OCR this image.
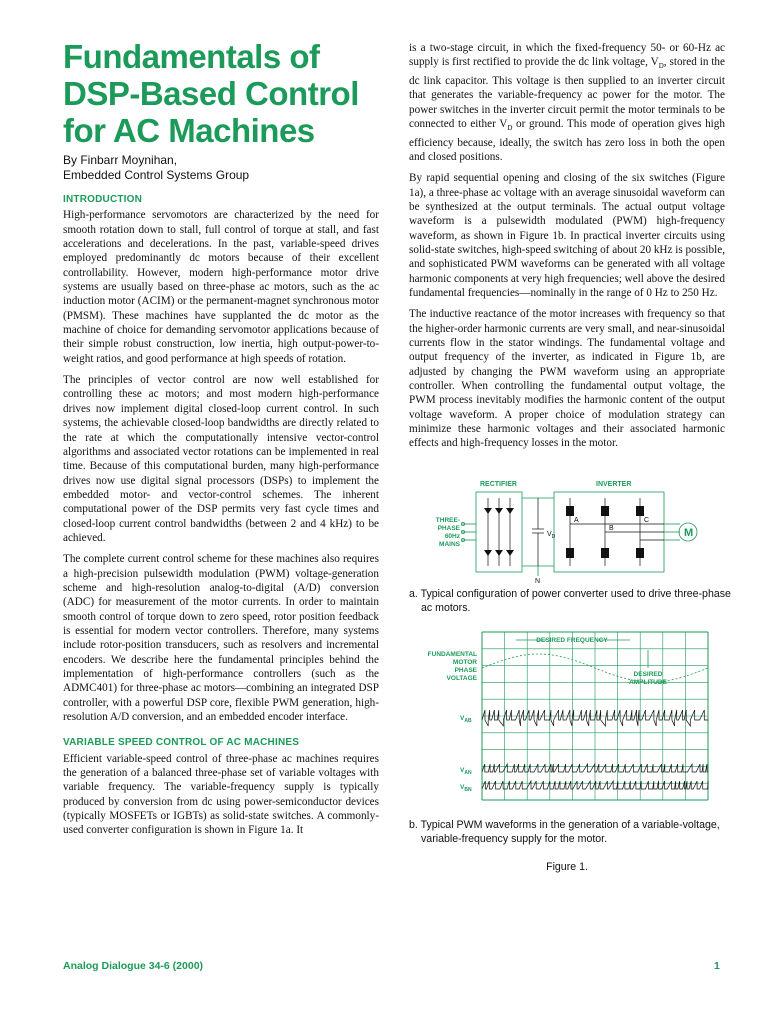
Fundamentals of DSP-Based Control for AC Machines
By Finbarr Moynihan,
Embedded Control Systems Group
INTRODUCTION

High-performance servomotors are characterized by the need for smooth rotation down to stall, full control of torque at stall, and fast accelerations and decelerations. In the past, variable-speed drives employed predominantly dc motors because of their excellent controllability. However, modern high-performance motor drive systems are usually based on three-phase ac motors, such as the ac induction motor (ACIM) or the permanent-magnet synchronous motor (PMSM). These machines have supplanted the dc motor as the machine of choice for demanding servomotor applications because of their simple robust construction, low inertia, high output-power-to-weight ratios, and good performance at high speeds of rotation.

The principles of vector control are now well established for controlling these ac motors; and most modern high-performance drives now implement digital closed-loop current control. In such systems, the achievable closed-loop bandwidths are directly related to the rate at which the computationally intensive vector-control algorithms and associated vector rotations can be implemented in real time. Because of this computational burden, many high-performance drives now use digital signal processors (DSPs) to implement the embedded motor- and vector-control schemes. The inherent computational power of the DSP permits very fast cycle times and closed-loop current control bandwidths (between 2 and 4 kHz) to be achieved.

The complete current control scheme for these machines also requires a high-precision pulsewidth modulation (PWM) voltage-generation scheme and high-resolution analog-to-digital (A/D) conversion (ADC) for measurement of the motor currents. In order to maintain smooth control of torque down to zero speed, rotor position feedback is essential for modern vector controllers. Therefore, many systems include rotor-position transducers, such as resolvers and incremental encoders. We describe here the fundamental principles behind the implementation of high-performance controllers (such as the ADMC401) for three-phase ac motors—combining an integrated DSP controller, with a powerful DSP core, flexible PWM generation, high-resolution A/D conversion, and an embedded encoder interface.

VARIABLE SPEED CONTROL OF AC MACHINES

Efficient variable-speed control of three-phase ac machines requires the generation of a balanced three-phase set of variable voltages with variable frequency. The variable-frequency supply is typically produced by conversion from dc using power-semiconductor devices (typically MOSFETs or IGBTs) as solid-state switches. A commonly-used converter configuration is shown in Figure 1a. It

is a two-stage circuit, in which the fixed-frequency 50- or 60-Hz ac supply is first rectified to provide the dc link voltage, $V_D$, stored in the dc link capacitor. This voltage is then supplied to an inverter circuit that generates the variable-frequency ac power for the motor. The power switches in the inverter circuit permit the motor terminals to be connected to either $V_D$ or ground. This mode of operation gives high efficiency because, ideally, the switch has zero loss in both the open and closed positions.

By rapid sequential opening and closing of the six switches (Figure 1a), a three-phase ac voltage with an average sinusoidal waveform can be synthesized at the output terminals. The actual output voltage waveform is a pulsewidth modulated (PWM) high-frequency waveform, as shown in Figure 1b. In practical inverter circuits using solid-state switches, high-speed switching of about 20 kHz is possible, and sophisticated PWM waveforms can be generated with all voltage harmonic components at very high frequencies; well above the desired fundamental frequencies—nominally in the range of 0 Hz to 250 Hz.

The inductive reactance of the motor increases with frequency so that the higher-order harmonic currents are very small, and near-sinusoidal currents flow in the stator windings. The fundamental voltage and output frequency of the inverter, as indicated in Figure 1b, are adjusted by changing the PWM waveform using an appropriate controller. When controlling the fundamental output voltage, the PWM process inevitably modifies the harmonic content of the output voltage waveform. A proper choice of modulation strategy can minimize these harmonic voltages and their associated harmonic effects and high-frequency losses in the motor.

RECTIFIER	INVERTER
THREE-
PHASE
60Hz
MAINS
$V_D$
A
B
C
N
M
a. Typical configuration of power converter used to drive three-phase ac motors.
DESIRED FREQUENCY
FUNDAMENTAL
MOTOR
PHASE
VOLTAGE
DESIRED
AMPLITUDE
$V_{AB}$
$V_{AN}$
$V_{BN}$
b. Typical PWM waveforms in the generation of a variable-voltage, variable-frequency supply for the motor.
Figure 1.
Analog Dialogue 34-6 (2000)	1
